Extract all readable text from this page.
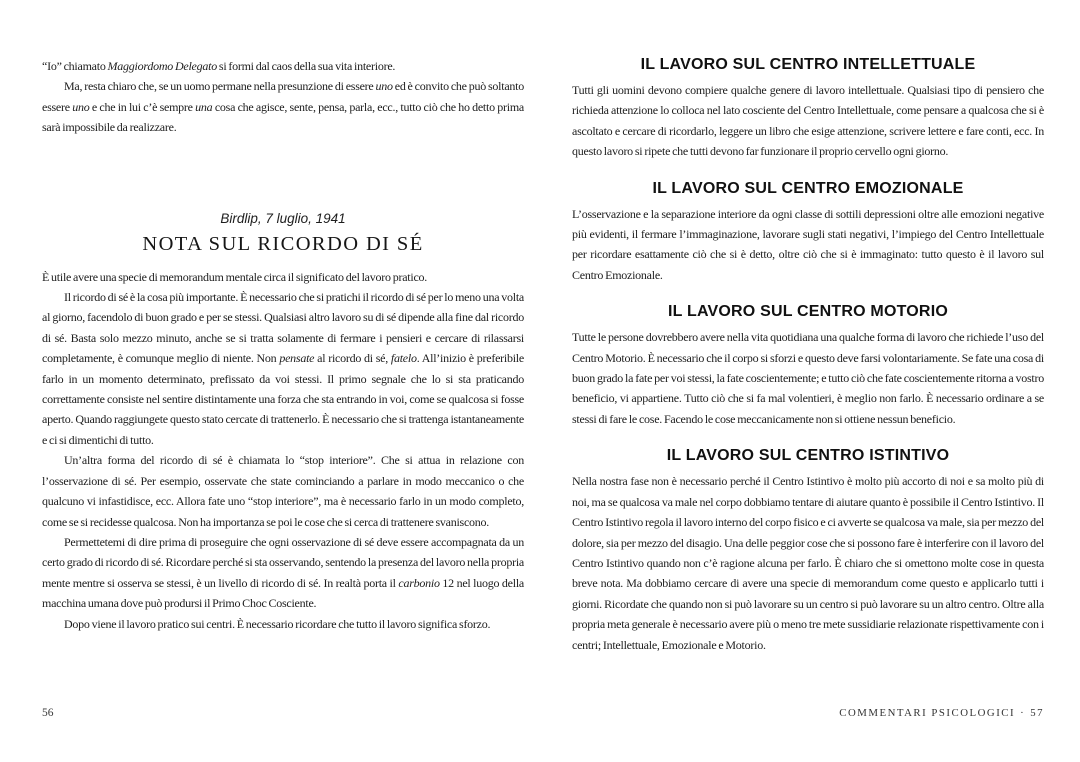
“Io” chiamato Maggiordomo Delegato si formi dal caos della sua vita interiore.

Ma, resta chiaro che, se un uomo permane nella presunzione di essere uno ed è convito che può soltanto essere uno e che in lui c’è sempre una cosa che agisce, sente, pensa, parla, ecc., tutto ciò che ho detto prima sarà impossibile da realizzare.

Birdlip, 7 luglio, 1941
NOTA SUL RICORDO DI SÉ

È utile avere una specie di memorandum mentale circa il significato del lavoro pratico.

Il ricordo di sé è la cosa più importante. È necessario che si pratichi il ricordo di sé per lo meno una volta al giorno, facendolo di buon grado e per se stessi. Qualsiasi altro lavoro su di sé dipende alla fine dal ricordo di sé. Basta solo mezzo minuto, anche se si tratta solamente di fermare i pensieri e cercare di rilassarsi completamente, è comunque meglio di niente. Non pensate al ricordo di sé, fatelo. All’inizio è preferibile farlo in un momento determinato, prefissato da voi stessi. Il primo segnale che lo si sta praticando correttamente consiste nel sentire distintamente una forza che sta entrando in voi, come se qualcosa si fosse aperto. Quando raggiungete questo stato cercate di trattenerlo. È necessario che si trattenga istantaneamente e ci si dimentichi di tutto.

Un’altra forma del ricordo di sé è chiamata lo “stop interiore”. Che si attua in relazione con l’osservazione di sé. Per esempio, osservate che state cominciando a parlare in modo meccanico o che qualcuno vi infastidisce, ecc. Allora fate uno “stop interiore”, ma è necessario farlo in un modo completo, come se si recidesse qualcosa. Non ha importanza se poi le cose che si cerca di trattenere svaniscono.

Permettetemi di dire prima di proseguire che ogni osservazione di sé deve essere accompagnata da un certo grado di ricordo di sé. Ricordare perché si sta osservando, sentendo la presenza del lavoro nella propria mente mentre si osserva se stessi, è un livello di ricordo di sé. In realtà porta il carbonio 12 nel luogo della macchina umana dove può prodursi il Primo Choc Cosciente.

Dopo viene il lavoro pratico sui centri. È necessario ricordare che tutto il lavoro significa sforzo.

56
IL LAVORO SUL CENTRO INTELLETTUALE

Tutti gli uomini devono compiere qualche genere di lavoro intellettuale. Qualsiasi tipo di pensiero che richieda attenzione lo colloca nel lato cosciente del Centro Intellettuale, come pensare a qualcosa che si è ascoltato e cercare di ricordarlo, leggere un libro che esige attenzione, scrivere lettere e fare conti, ecc. In questo lavoro si ripete che tutti devono far funzionare il proprio cervello ogni giorno.

IL LAVORO SUL CENTRO EMOZIONALE

L’osservazione e la separazione interiore da ogni classe di sottili depressioni oltre alle emozioni negative più evidenti, il fermare l’immaginazione, lavorare sugli stati negativi, l’impiego del Centro Intellettuale per ricordare esattamente ciò che si è detto, oltre ciò che si è immaginato: tutto questo è il lavoro sul Centro Emozionale.

IL LAVORO SUL CENTRO MOTORIO

Tutte le persone dovrebbero avere nella vita quotidiana una qualche forma di lavoro che richiede l’uso del Centro Motorio. È necessario che il corpo si sforzi e questo deve farsi volontariamente. Se fate una cosa di buon grado la fate per voi stessi, la fate coscientemente; e tutto ciò che fate coscientemente ritorna a vostro beneficio, vi appartiene. Tutto ciò che si fa mal volentieri, è meglio non farlo. È necessario ordinare a se stessi di fare le cose. Facendo le cose meccanicamente non si ottiene nessun beneficio.

IL LAVORO SUL CENTRO ISTINTIVO

Nella nostra fase non è necessario perché il Centro Istintivo è molto più accorto di noi e sa molto più di noi, ma se qualcosa va male nel corpo dobbiamo tentare di aiutare quanto è possibile il Centro Istintivo. Il Centro Istintivo regola il lavoro interno del corpo fisico e ci avverte se qualcosa va male, sia per mezzo del dolore, sia per mezzo del disagio. Una delle peggior cose che si possono fare è interferire con il lavoro del Centro Istintivo quando non c’è ragione alcuna per farlo. È chiaro che si omettono molte cose in questa breve nota. Ma dobbiamo cercare di avere una specie di memorandum come questo e applicarlo tutti i giorni. Ricordate che quando non si può lavorare su un centro si può lavorare su un altro centro. Oltre alla propria meta generale è necessario avere più o meno tre mete sussidiarie relazionate rispettivamente con i centri; Intellettuale, Emozionale e Motorio.

COMMENTARI PSICOLOGICI · 57
